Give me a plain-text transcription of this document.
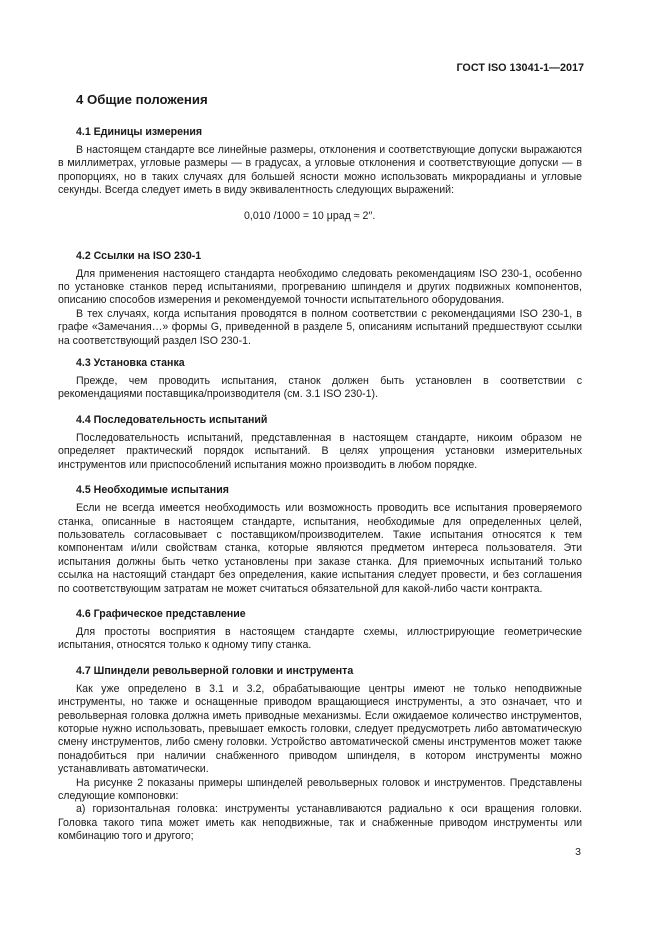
ГОСТ ISO 13041-1—2017
4 Общие положения
4.1 Единицы измерения

В настоящем стандарте все линейные размеры, отклонения и соответствующие допуски выражаются в миллиметрах, угловые размеры — в градусах, а угловые отклонения и соответствующие допуски — в пропорциях, но в таких случаях для большей ясности можно использовать микрорадианы и угловые секунды. Всегда следует иметь в виду эквивалентность следующих выражений:

0,010 /1000 = 10 μрад ≈ 2′′.

4.2 Ссылки на ISO 230-1

Для применения настоящего стандарта необходимо следовать рекомендациям ISO 230-1, особенно по установке станков перед испытаниями, прогреванию шпинделя и других подвижных компонентов, описанию способов измерения и рекомендуемой точности испытательного оборудования.

В тех случаях, когда испытания проводятся в полном соответствии с рекомендациями ISO 230-1, в графе «Замечания…» формы G, приведенной в разделе 5, описаниям испытаний предшествуют ссылки на соответствующий раздел ISO 230-1.

4.3 Установка станка

Прежде, чем проводить испытания, станок должен быть установлен в соответствии с рекомендациями поставщика/производителя (см. 3.1 ISO 230-1).

4.4 Последовательность испытаний

Последовательность испытаний, представленная в настоящем стандарте, никоим образом не определяет практический порядок испытаний. В целях упрощения установки измерительных инструментов или приспособлений испытания можно производить в любом порядке.

4.5 Необходимые испытания

Если не всегда имеется необходимость или возможность проводить все испытания проверяемого станка, описанные в настоящем стандарте, испытания, необходимые для определенных целей, пользователь согласовывает с поставщиком/производителем. Такие испытания относятся к тем компонентам и/или свойствам станка, которые являются предметом интереса пользователя. Эти испытания должны быть четко установлены при заказе станка. Для приемочных испытаний только ссылка на настоящий стандарт без определения, какие испытания следует провести, и без соглашения по соответствующим затратам не может считаться обязательной для какой-либо части контракта.

4.6 Графическое представление

Для простоты восприятия в настоящем стандарте схемы, иллюстрирующие геометрические испытания, относятся только к одному типу станка.

4.7 Шпиндели револьверной головки и инструмента

Как уже определено в 3.1 и 3.2, обрабатывающие центры имеют не только неподвижные инструменты, но также и оснащенные приводом вращающиеся инструменты, а это означает, что и револьверная головка должна иметь приводные механизмы. Если ожидаемое количество инструментов, которые нужно использовать, превышает емкость головки, следует предусмотреть либо автоматическую смену инструментов, либо смену головки. Устройство автоматической смены инструментов может также понадобиться при наличии снабженного приводом шпинделя, в котором инструменты можно устанавливать автоматически.

На рисунке 2 показаны примеры шпинделей револьверных головок и инструментов. Представлены следующие компоновки:

а) горизонтальная головка: инструменты устанавливаются радиально к оси вращения головки. Головка такого типа может иметь как неподвижные, так и снабженные приводом инструменты или комбинацию того и другого;

3
